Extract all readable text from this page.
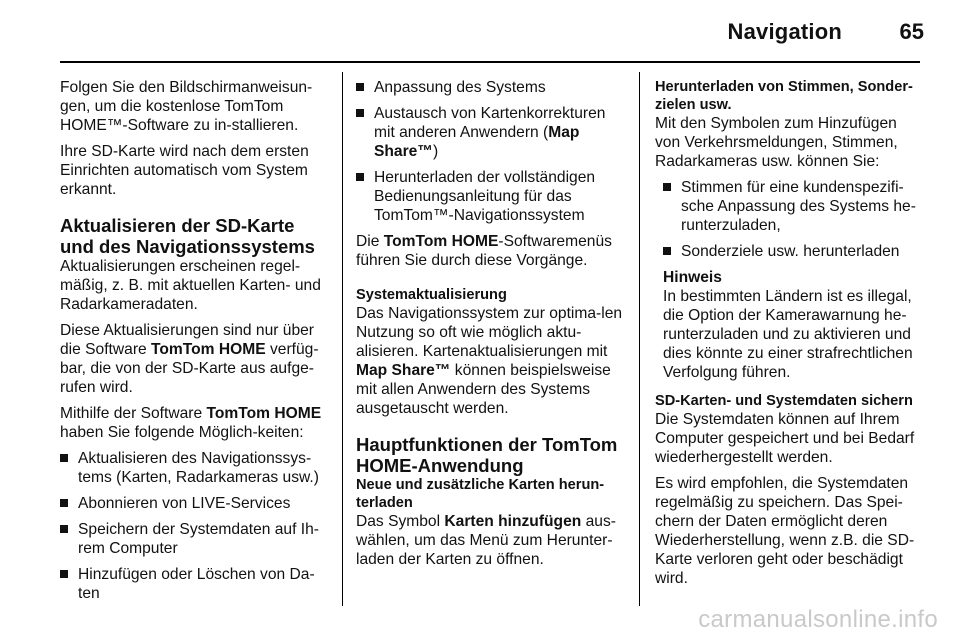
Navigation	65

Folgen Sie den Bildschirmanweisun-gen, um die kostenlose TomTom HOME™-Software zu in-stallieren.

Ihre SD-Karte wird nach dem ersten Einrichten automatisch vom System erkannt.

Aktualisieren der SD-Karte und des Navigationssystems

Aktualisierungen erscheinen regel-mäßig, z. B. mit aktuellen Karten- und Radarkameradaten.

Diese Aktualisierungen sind nur über die Software TomTom HOME verfüg-bar, die von der SD-Karte aus aufge-rufen wird.

Mithilfe der Software TomTom HOME haben Sie folgende Möglich-keiten:

Aktualisieren des Navigationssys-tems (Karten, Radarkameras usw.)
Abonnieren von LIVE-Services
Speichern der Systemdaten auf Ih-rem Computer
Hinzufügen oder Löschen von Da-ten
Anpassung des Systems
Austausch von Kartenkorrekturen mit anderen Anwendern (Map Share™)
Herunterladen der vollständigen Bedienungsanleitung für das TomTom™-Navigationssystem

Die TomTom HOME-Softwaremenüs führen Sie durch diese Vorgänge.

Systemaktualisierung

Das Navigationssystem zur optima-len Nutzung so oft wie möglich aktu-alisieren. Kartenaktualisierungen mit Map Share™ können beispielsweise mit allen Anwendern des Systems ausgetauscht werden.

Hauptfunktionen der TomTom HOME-Anwendung
Neue und zusätzliche Karten herun-terladen

Das Symbol Karten hinzufügen aus-wählen, um das Menü zum Herunter-laden der Karten zu öffnen.

Herunterladen von Stimmen, Sonder-zielen usw.

Mit den Symbolen zum Hinzufügen von Verkehrsmeldungen, Stimmen, Radarkameras usw. können Sie:

Stimmen für eine kundenspezifi-sche Anpassung des Systems he-runterzuladen,
Sonderziele usw. herunterladen
Hinweis
In bestimmten Ländern ist es illegal, die Option der Kamerawarnung he-runterzuladen und zu aktivieren und dies könnte zu einer strafrechtlichen Verfolgung führen.
SD-Karten- und Systemdaten sichern

Die Systemdaten können auf Ihrem Computer gespeichert und bei Bedarf wiederhergestellt werden.

Es wird empfohlen, die Systemdaten regelmäßig zu speichern. Das Spei-chern der Daten ermöglicht deren Wiederherstellung, wenn z.B. die SD-Karte verloren geht oder beschädigt wird.

carmanualsonline.info
